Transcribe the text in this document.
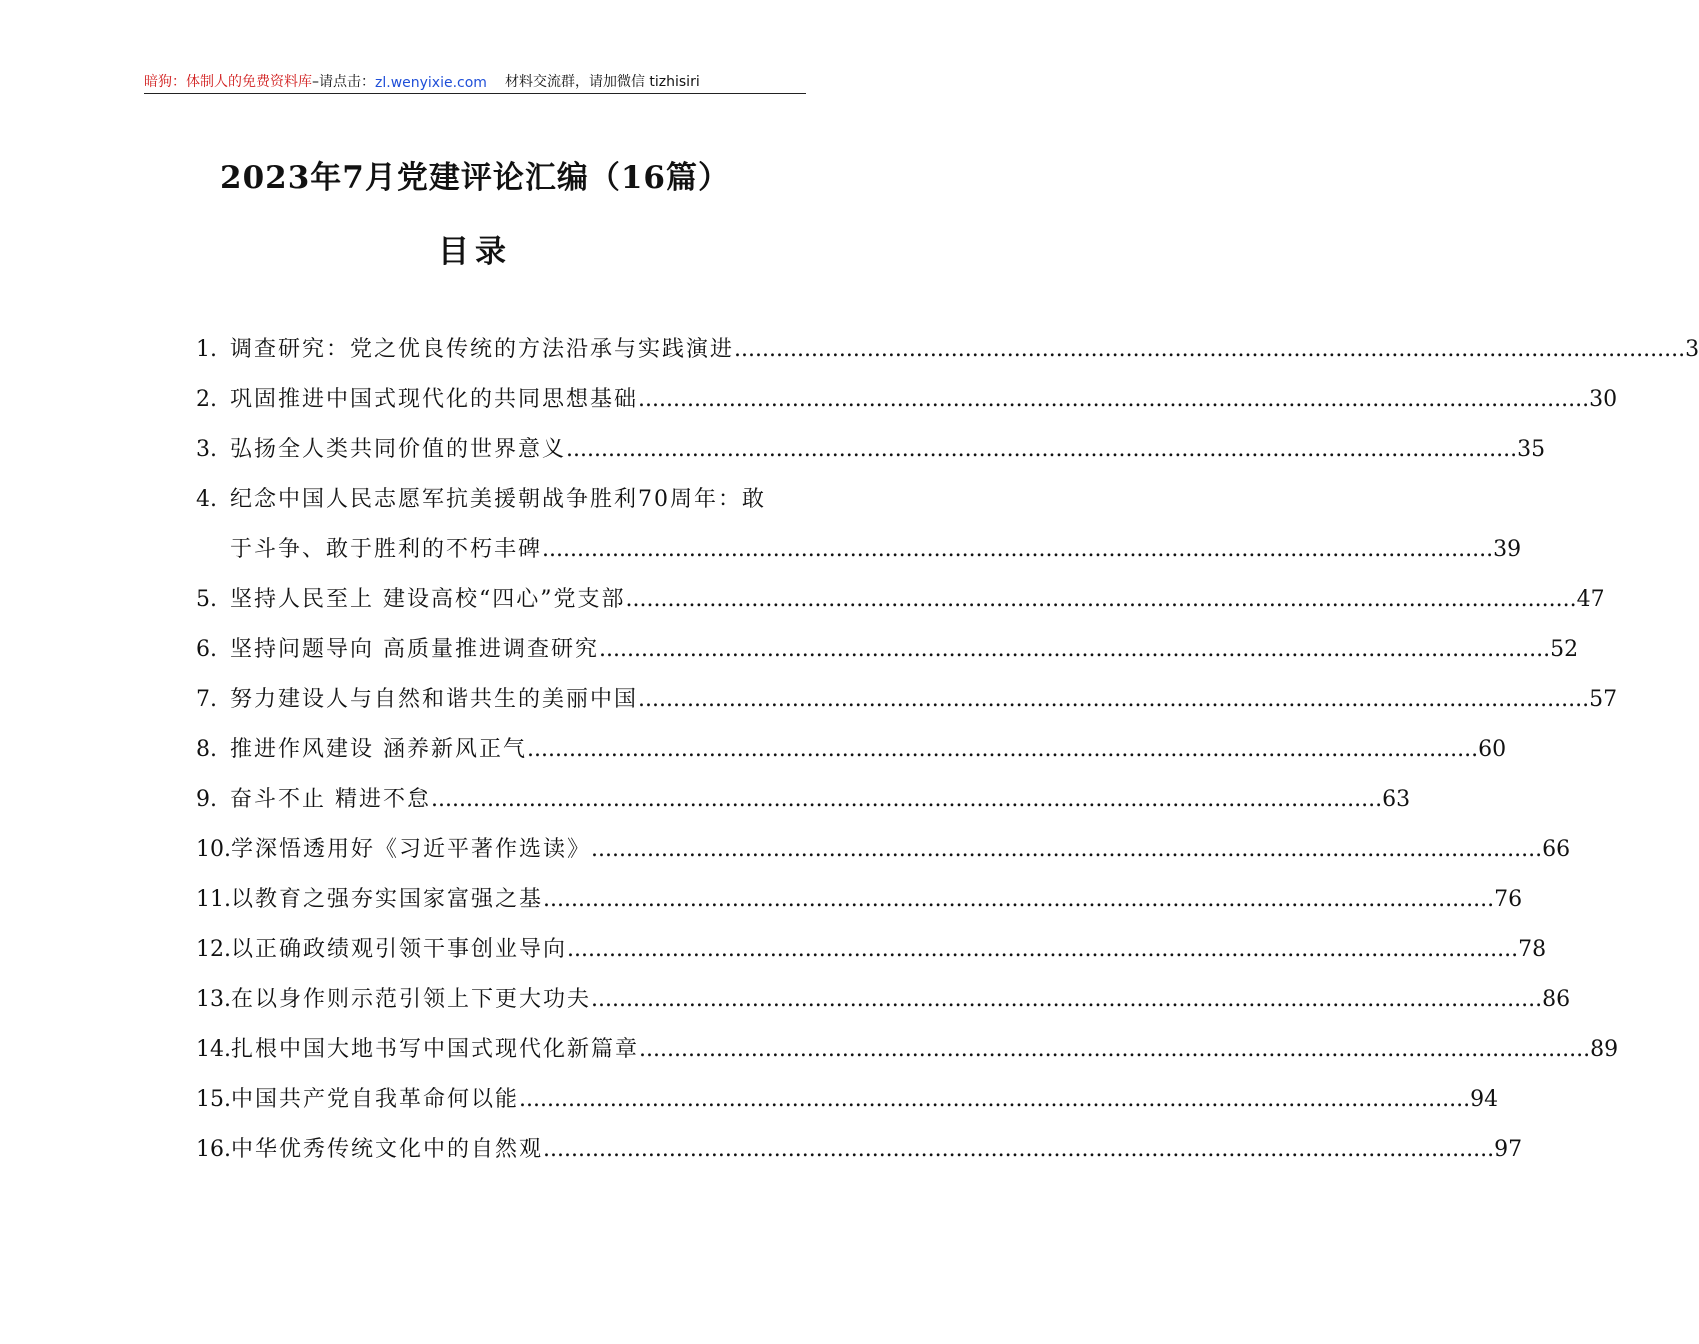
暗狗：体制人的免费资料库 –请点击： zl.wenyixie.com 材料交流群，请加微信 tizhisiri
2023年7月党建评论汇编（16篇）
目录
1. 调查研究：党之优良传统的方法沿承与实践演进 .....	3
2. 巩固推进中国式现代化的共同思想基础 .....	30
3. 弘扬全人类共同价值的世界意义 .....	35
4. 纪念中国人民志愿军抗美援朝战争胜利70周年：敢
于斗争、敢于胜利的不朽丰碑 .....	39
5. 坚持人民至上 建设高校“四心”党支部 .....	47
6. 坚持问题导向 高质量推进调查研究 .....	52
7. 努力建设人与自然和谐共生的美丽中国 .....	57
8. 推进作风建设 涵养新风正气 .....	60
9. 奋斗不止 精进不怠 .....	63
10. 学深悟透用好《习近平著作选读》 .....	66
11. 以教育之强夯实国家富强之基 .....	76
12. 以正确政绩观引领干事创业导向 .....	78
13. 在以身作则示范引领上下更大功夫 .....	86
14. 扎根中国大地书写中国式现代化新篇章 .....	89
15. 中国共产党自我革命何以能 .....	94
16. 中华优秀传统文化中的自然观 .....	97
